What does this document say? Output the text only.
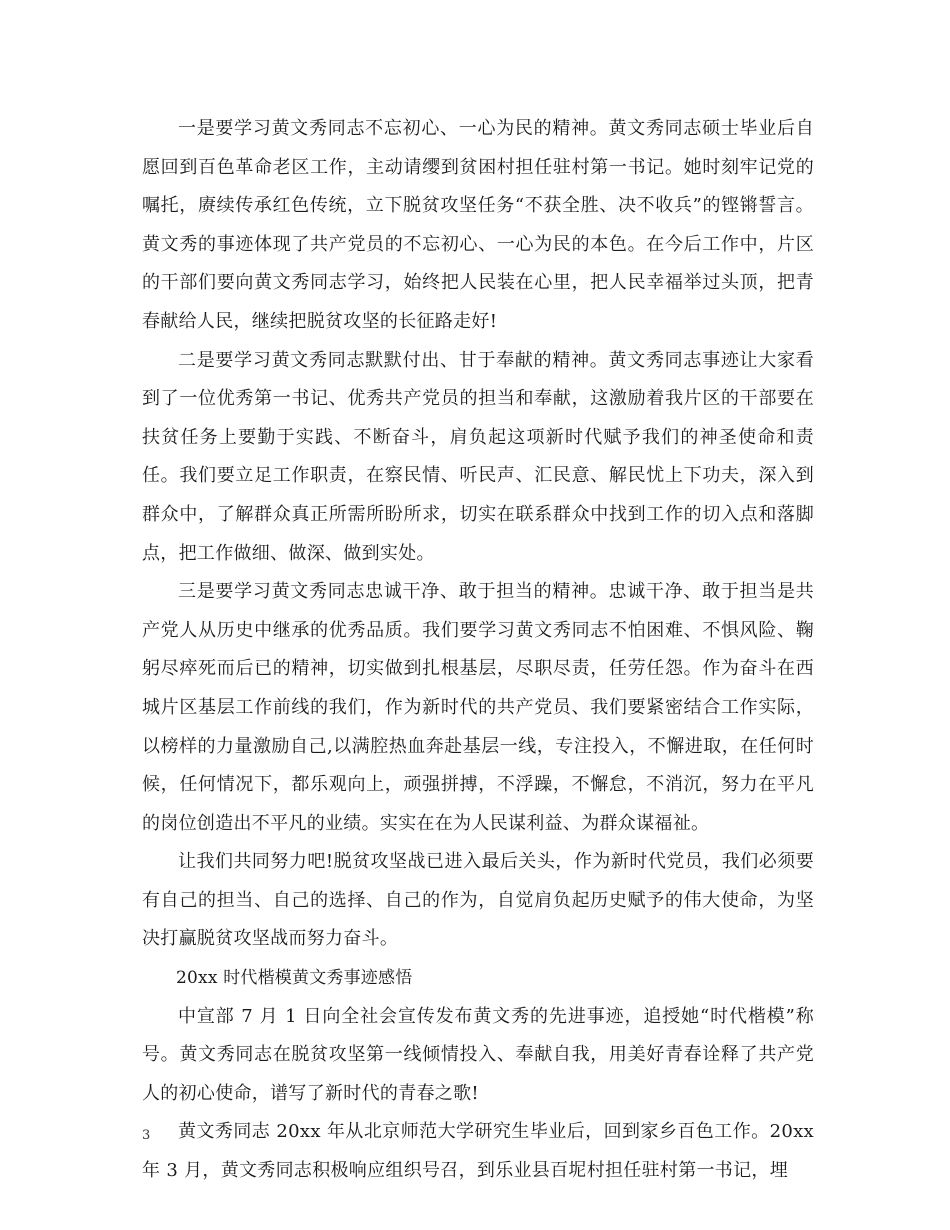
一是要学习黄文秀同志不忘初心、一心为民的精神。黄文秀同志硕士毕业后自愿回到百色革命老区工作，主动请缨到贫困村担任驻村第一书记。她时刻牢记党的嘱托，赓续传承红色传统，立下脱贫攻坚任务“不获全胜、决不收兵”的铿锵誓言。黄文秀的事迹体现了共产党员的不忘初心、一心为民的本色。在今后工作中，片区的干部们要向黄文秀同志学习，始终把人民装在心里，把人民幸福举过头顶，把青春献给人民，继续把脱贫攻坚的长征路走好!

二是要学习黄文秀同志默默付出、甘于奉献的精神。黄文秀同志事迹让大家看到了一位优秀第一书记、优秀共产党员的担当和奉献，这激励着我片区的干部要在扶贫任务上要勤于实践、不断奋斗，肩负起这项新时代赋予我们的神圣使命和责任。我们要立足工作职责，在察民情、听民声、汇民意、解民忧上下功夫，深入到群众中，了解群众真正所需所盼所求，切实在联系群众中找到工作的切入点和落脚点，把工作做细、做深、做到实处。

三是要学习黄文秀同志忠诚干净、敢于担当的精神。忠诚干净、敢于担当是共产党人从历史中继承的优秀品质。我们要学习黄文秀同志不怕困难、不惧风险、鞠躬尽瘁死而后已的精神，切实做到扎根基层，尽职尽责，任劳任怨。作为奋斗在西城片区基层工作前线的我们，作为新时代的共产党员、我们要紧密结合工作实际，以榜样的力量激励自己,以满腔热血奔赴基层一线，专注投入，不懈进取，在任何时候，任何情况下，都乐观向上，顽强拼搏，不浮躁，不懈怠，不消沉，努力在平凡的岗位创造出不平凡的业绩。实实在在为人民谋利益、为群众谋福祉。

让我们共同努力吧!脱贫攻坚战已进入最后关头，作为新时代党员，我们必须要有自己的担当、自己的选择、自己的作为，自觉肩负起历史赋予的伟大使命，为坚决打赢脱贫攻坚战而努力奋斗。

20xx 时代楷模黄文秀事迹感悟

中宣部 7 月 1 日向全社会宣传发布黄文秀的先进事迹，追授她“时代楷模”称号。黄文秀同志在脱贫攻坚第一线倾情投入、奉献自我，用美好青春诠释了共产党人的初心使命，谱写了新时代的青春之歌!

黄文秀同志 20xx 年从北京师范大学研究生毕业后，回到家乡百色工作。20xx 年 3 月，黄文秀同志积极响应组织号召，到乐业县百坭村担任驻村第一书记，埋

3
